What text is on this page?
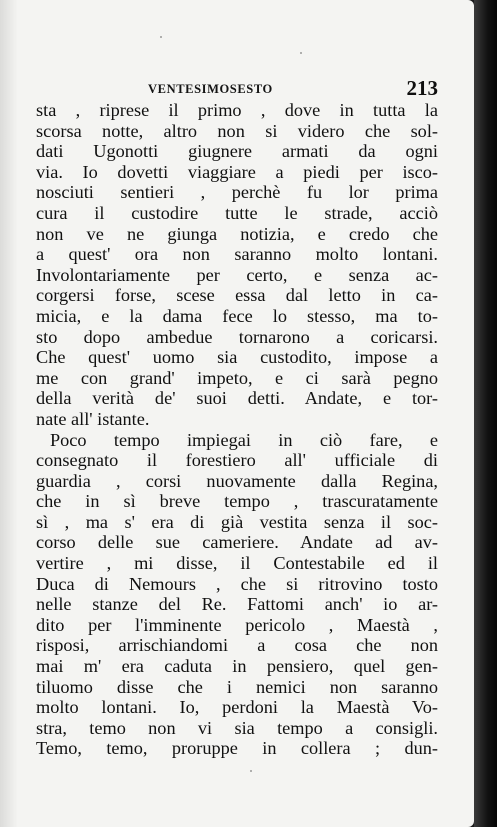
VENTESIMOSESTO	213
sta , riprese il primo , dove in tutta la
scorsa notte, altro non si videro che sol-
dati Ugonotti giugnere armati da ogni
via. Io dovetti viaggiare a piedi per isco-
nosciuti sentieri , perchè fu lor prima
cura il custodire tutte le strade, acciò
non ve ne giunga notizia, e credo che
a quest' ora non saranno molto lontani.
Involontariamente per certo, e senza ac-
corgersi forse, scese essa dal letto in ca-
micia, e la dama fece lo stesso, ma to-
sto dopo ambedue tornarono a coricarsi.
Che quest' uomo sia custodito, impose a
me con grand' impeto, e ci sarà pegno
della verità de' suoi detti. Andate, e tor-
nate all' istante.
Poco tempo impiegai in ciò fare, e
consegnato il forestiero all' ufficiale di
guardia , corsi nuovamente dalla Regina,
che in sì breve tempo , trascuratamente
sì , ma s' era di già vestita senza il soc-
corso delle sue cameriere. Andate ad av-
vertire , mi disse, il Contestabile ed il
Duca di Nemours , che si ritrovino tosto
nelle stanze del Re. Fattomi anch' io ar-
dito per l'imminente pericolo , Maestà ,
risposi, arrischiandomi a cosa che non
mai m' era caduta in pensiero, quel gen-
tiluomo disse che i nemici non saranno
molto lontani. Io, perdoni la Maestà Vo-
stra, temo non vi sia tempo a consigli.
Temo, temo, proruppe in collera ; dun-
